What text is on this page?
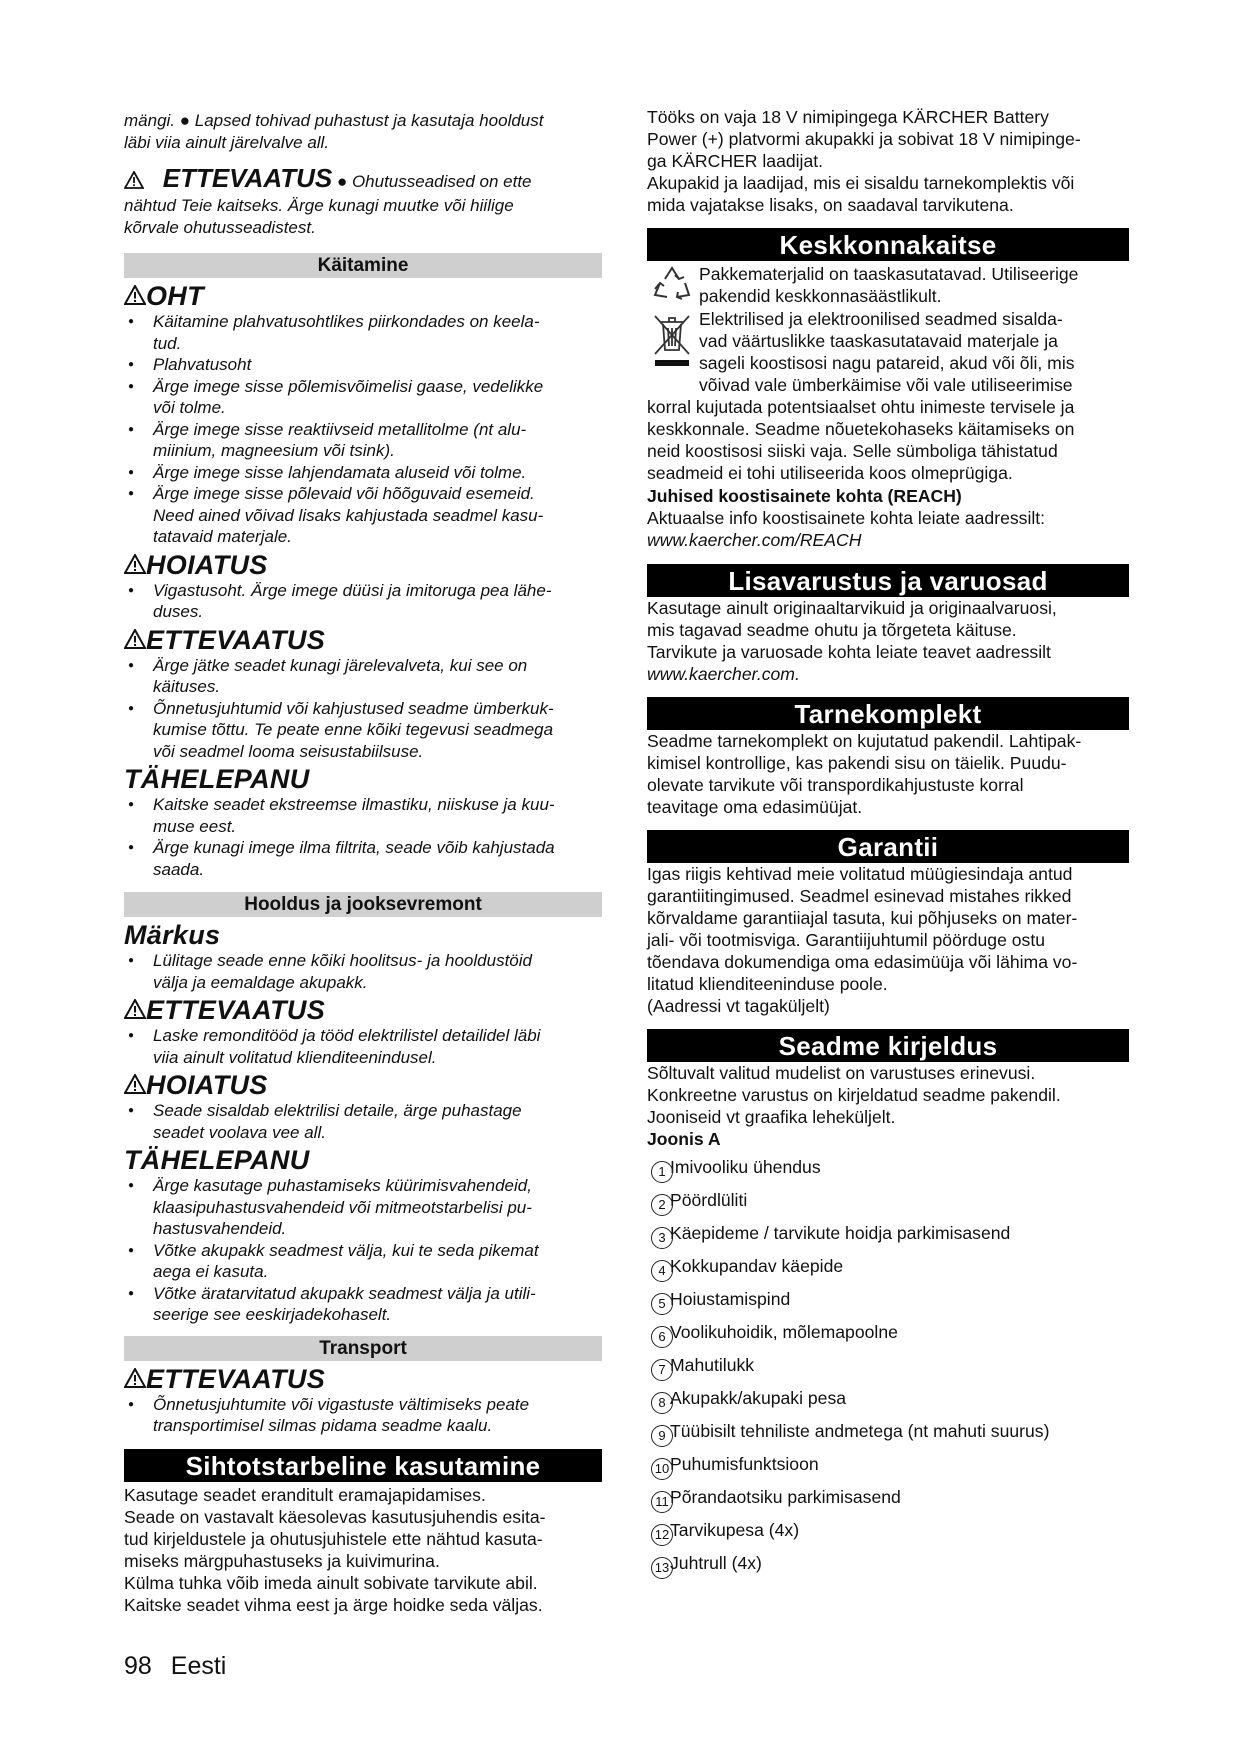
mängi. ● Lapsed tohivad puhastust ja kasutaja hooldust

läbi viia ainult järelvalve all.

ETTEVAATUS ● Ohutusseadised on ette

nähtud Teie kaitseks. Ärge kunagi muutke või hiilige

kõrvale ohutusseadistest.

Käitamine
OHT

● Käitamine plahvatusohtlikes piirkondades on keela-

tud.

● Plahvatusoht

● Ärge imege sisse põlemisvõimelisi gaase, vedelikke

või tolme.

● Ärge imege sisse reaktiivseid metallitolme (nt alu-

miinium, magneesium või tsink).

● Ärge imege sisse lahjendamata aluseid või tolme.

● Ärge imege sisse põlevaid või hõõguvaid esemeid.

Need ained võivad lisaks kahjustada seadmel kasu-

tatavaid materjale.

HOIATUS

● Vigastusoht. Ärge imege düüsi ja imitoruga pea lähe-

duses.

ETTEVAATUS

● Ärge jätke seadet kunagi järelevalveta, kui see on

käituses.

● Õnnetusjuhtumid või kahjustused seadme ümberkuk-

kumise tõttu. Te peate enne kõiki tegevusi seadmega

või seadmel looma seisustabiilsuse.

TÄHELEPANU

● Kaitske seadet ekstreemse ilmastiku, niiskuse ja kuu-

muse eest.

● Ärge kunagi imege ilma filtrita, seade võib kahjustada

saada.

Hooldus ja jooksevremont
Märkus

● Lülitage seade enne kõiki hoolitsus- ja hooldustöid

välja ja eemaldage akupakk.

ETTEVAATUS

● Laske remonditööd ja tööd elektrilistel detailidel läbi

viia ainult volitatud klienditeenindusel.

HOIATUS

● Seade sisaldab elektrilisi detaile, ärge puhastage

seadet voolava vee all.

TÄHELEPANU

● Ärge kasutage puhastamiseks küürimisvahendeid,

klaasipuhastusvahendeid või mitmeotstarbelisi pu-

hastusvahendeid.

● Võtke akupakk seadmest välja, kui te seda pikemat

aega ei kasuta.

● Võtke äratarvitatud akupakk seadmest välja ja utili-

seerige see eeskirjadekohaselt.

Transport
ETTEVAATUS

● Õnnetusjuhtumite või vigastuste vältimiseks peate

transportimisel silmas pidama seadme kaalu.

Sihtotstarbeline kasutamine

Kasutage seadet eranditult eramajapidamises.

Seade on vastavalt käesolevas kasutusjuhendis esita-

tud kirjeldustele ja ohutusjuhistele ette nähtud kasuta-

miseks märgpuhastuseks ja kuivimurina.

Külma tuhka võib imeda ainult sobivate tarvikute abil.

Kaitske seadet vihma eest ja ärge hoidke seda väljas.

Tööks on vaja 18 V nimipingega KÄRCHER Battery

Power (+) platvormi akupakki ja sobivat 18 V nimipinge-

ga KÄRCHER laadijat.

Akupakid ja laadijad, mis ei sisaldu tarnekomplektis või

mida vajatakse lisaks, on saadaval tarvikutena.

Keskkonnakaitse

Pakkematerjalid on taaskasutatavad. Utiliseerige

pakendid keskkonnasäästlikult.

Elektrilised ja elektroonilised seadmed sisalda-

vad väärtuslikke taaskasutatavaid materjale ja

sageli koostisosi nagu patareid, akud või õli, mis

võivad vale ümberkäimise või vale utiliseerimise

korral kujutada potentsiaalset ohtu inimeste tervisele ja

keskkonnale. Seadme nõuetekohaseks käitamiseks on

neid koostisosi siiski vaja. Selle sümboliga tähistatud

seadmeid ei tohi utiliseerida koos olmeprügiga.

Juhised koostisainete kohta (REACH)

Aktuaalse info koostisainete kohta leiate aadressilt:

www.kaercher.com/REACH

Lisavarustus ja varuosad

Kasutage ainult originaaltarvikuid ja originaalvaruosi,

mis tagavad seadme ohutu ja tõrgeteta käituse.

Tarvikute ja varuosade kohta leiate teavet aadressilt

www.kaercher.com.

Tarnekomplekt

Seadme tarnekomplekt on kujutatud pakendil. Lahtipak-

kimisel kontrollige, kas pakendi sisu on täielik. Puudu-

olevate tarvikute või transpordikahjustuste korral

teavitage oma edasimüüjat.

Garantii

Igas riigis kehtivad meie volitatud müügiesindaja antud

garantiitingimused. Seadmel esinevad mistahes rikked

kõrvaldame garantiiajal tasuta, kui põhjuseks on mater-

jali- või tootmisviga. Garantiijuhtumil pöörduge ostu

tõendava dokumendiga oma edasimüüja või lähima vo-

litatud klienditeeninduse poole.

(Aadressi vt tagaküljelt)

Seadme kirjeldus

Sõltuvalt valitud mudelist on varustuses erinevusi.

Konkreetne varustus on kirjeldatud seadme pakendil.

Jooniseid vt graafika leheküljelt.

Joonis A

1 Imivooliku ühendus
2 Pöördlüliti
3 Käepideme / tarvikute hoidja parkimisasend
4 Kokkupandav käepide
5 Hoiustamispind
6 Voolikuhoidik, mõlemapoolne
7 Mahutilukk
8 Akupakk/akupaki pesa
9 Tüübisilt tehniliste andmetega (nt mahuti suurus)
10Puhumisfunktsioon
11Põrandaotsiku parkimisasend
12Tarvikupesa (4x)
13Juhtrull (4x)
98 Eesti
